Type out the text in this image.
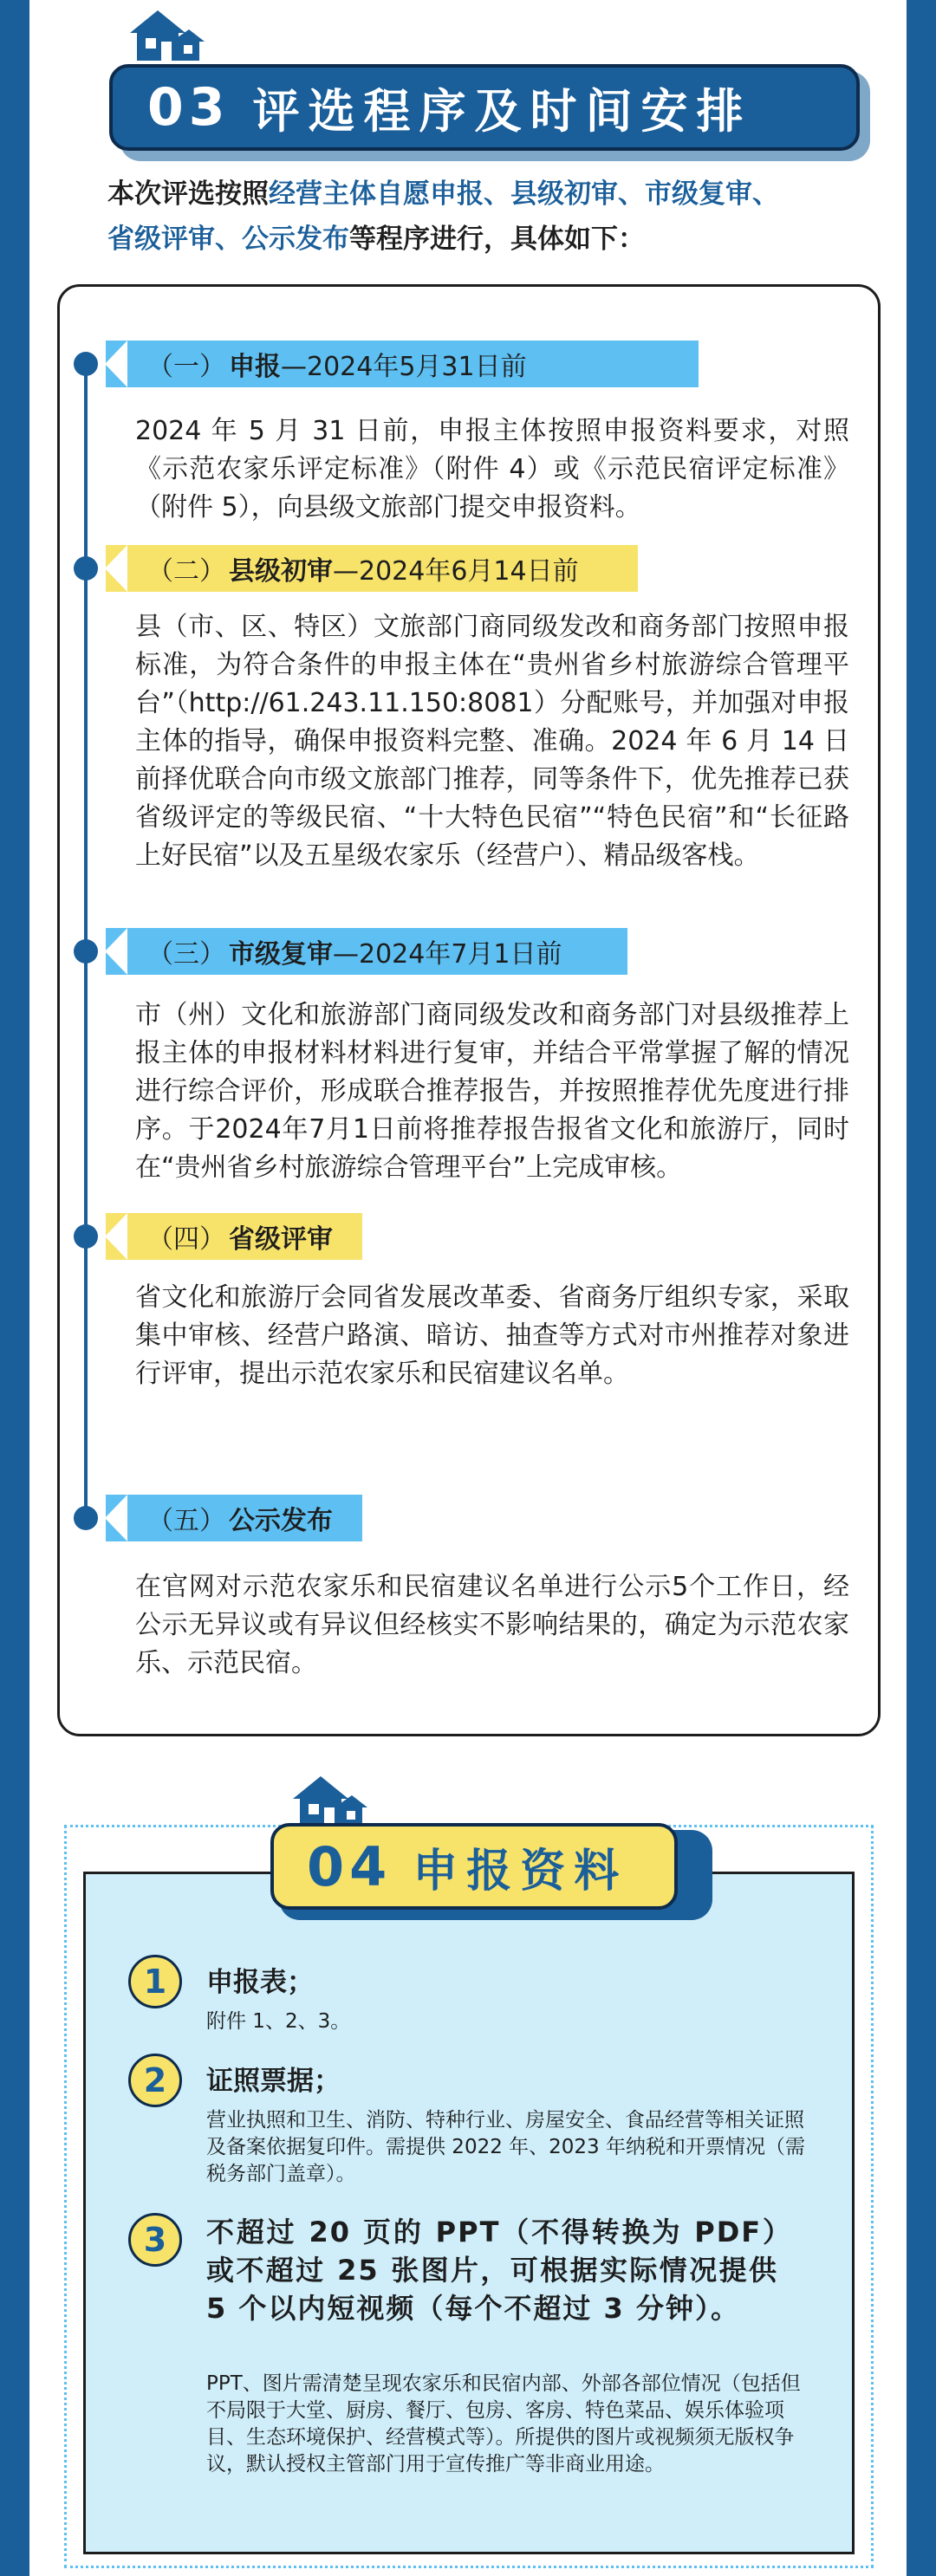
03 评选程序及时间安排
本次评选按照经营主体自愿申报、县级初审、市级复审、
省级评审、公示发布等程序进行，具体如下：
（一） 申报 —2024年5月31日前
2024 年 5 月 31 日前，申报主体按照申报资料要求，对照《示范农家乐评定标准》（附件 4）或《示范民宿评定标准》（附件 5），向县级文旅部门提交申报资料。
（二） 县级初审 —2024年6月14日前
县（市、区、特区）文旅部门商同级发改和商务部门按照申报标准，为符合条件的申报主体在“贵州省乡村旅游综合管理平台”（http://61.243.11.150:8081）分配账号，并加强对申报主体的指导，确保申报资料完整、准确。2024 年 6 月 14 日前择优联合向市级文旅部门推荐，同等条件下，优先推荐已获省级评定的等级民宿、“十大特色民宿”“特色民宿”和“长征路上好民宿”以及五星级农家乐（经营户）、精品级客栈。
（三） 市级复审 —2024年7月1日前
市（州）文化和旅游部门商同级发改和商务部门对县级推荐上报主体的申报材料材料进行复审，并结合平常掌握了解的情况进行综合评价，形成联合推荐报告，并按照推荐优先度进行排序。于2024年7月1日前将推荐报告报省文化和旅游厅，同时在“贵州省乡村旅游综合管理平台”上完成审核。
（四） 省级评审
省文化和旅游厅会同省发展改革委、省商务厅组织专家，采取集中审核、经营户路演、暗访、抽查等方式对市州推荐对象进行评审，提出示范农家乐和民宿建议名单。
（五） 公示发布
在官网对示范农家乐和民宿建议名单进行公示5个工作日，经公示无异议或有异议但经核实不影响结果的，确定为示范农家乐、示范民宿。
04 申报资料
1	申报表；
附件 1、2、3。
2	证照票据；
营业执照和卫生、消防、特种行业、房屋安全、食品经营等相关证照及备案依据复印件。需提供 2022 年、2023 年纳税和开票情况（需税务部门盖章）。
3	不超过 20 页的 PPT（不得转换为 PDF）或不超过 25 张图片，可根据实际情况提供 5 个以内短视频（每个不超过 3 分钟）。
PPT、图片需清楚呈现农家乐和民宿内部、外部各部位情况（包括但不局限于大堂、厨房、餐厅、包房、客房、特色菜品、娱乐体验项目、生态环境保护、经营模式等）。所提供的图片或视频须无版权争议，默认授权主管部门用于宣传推广等非商业用途。
